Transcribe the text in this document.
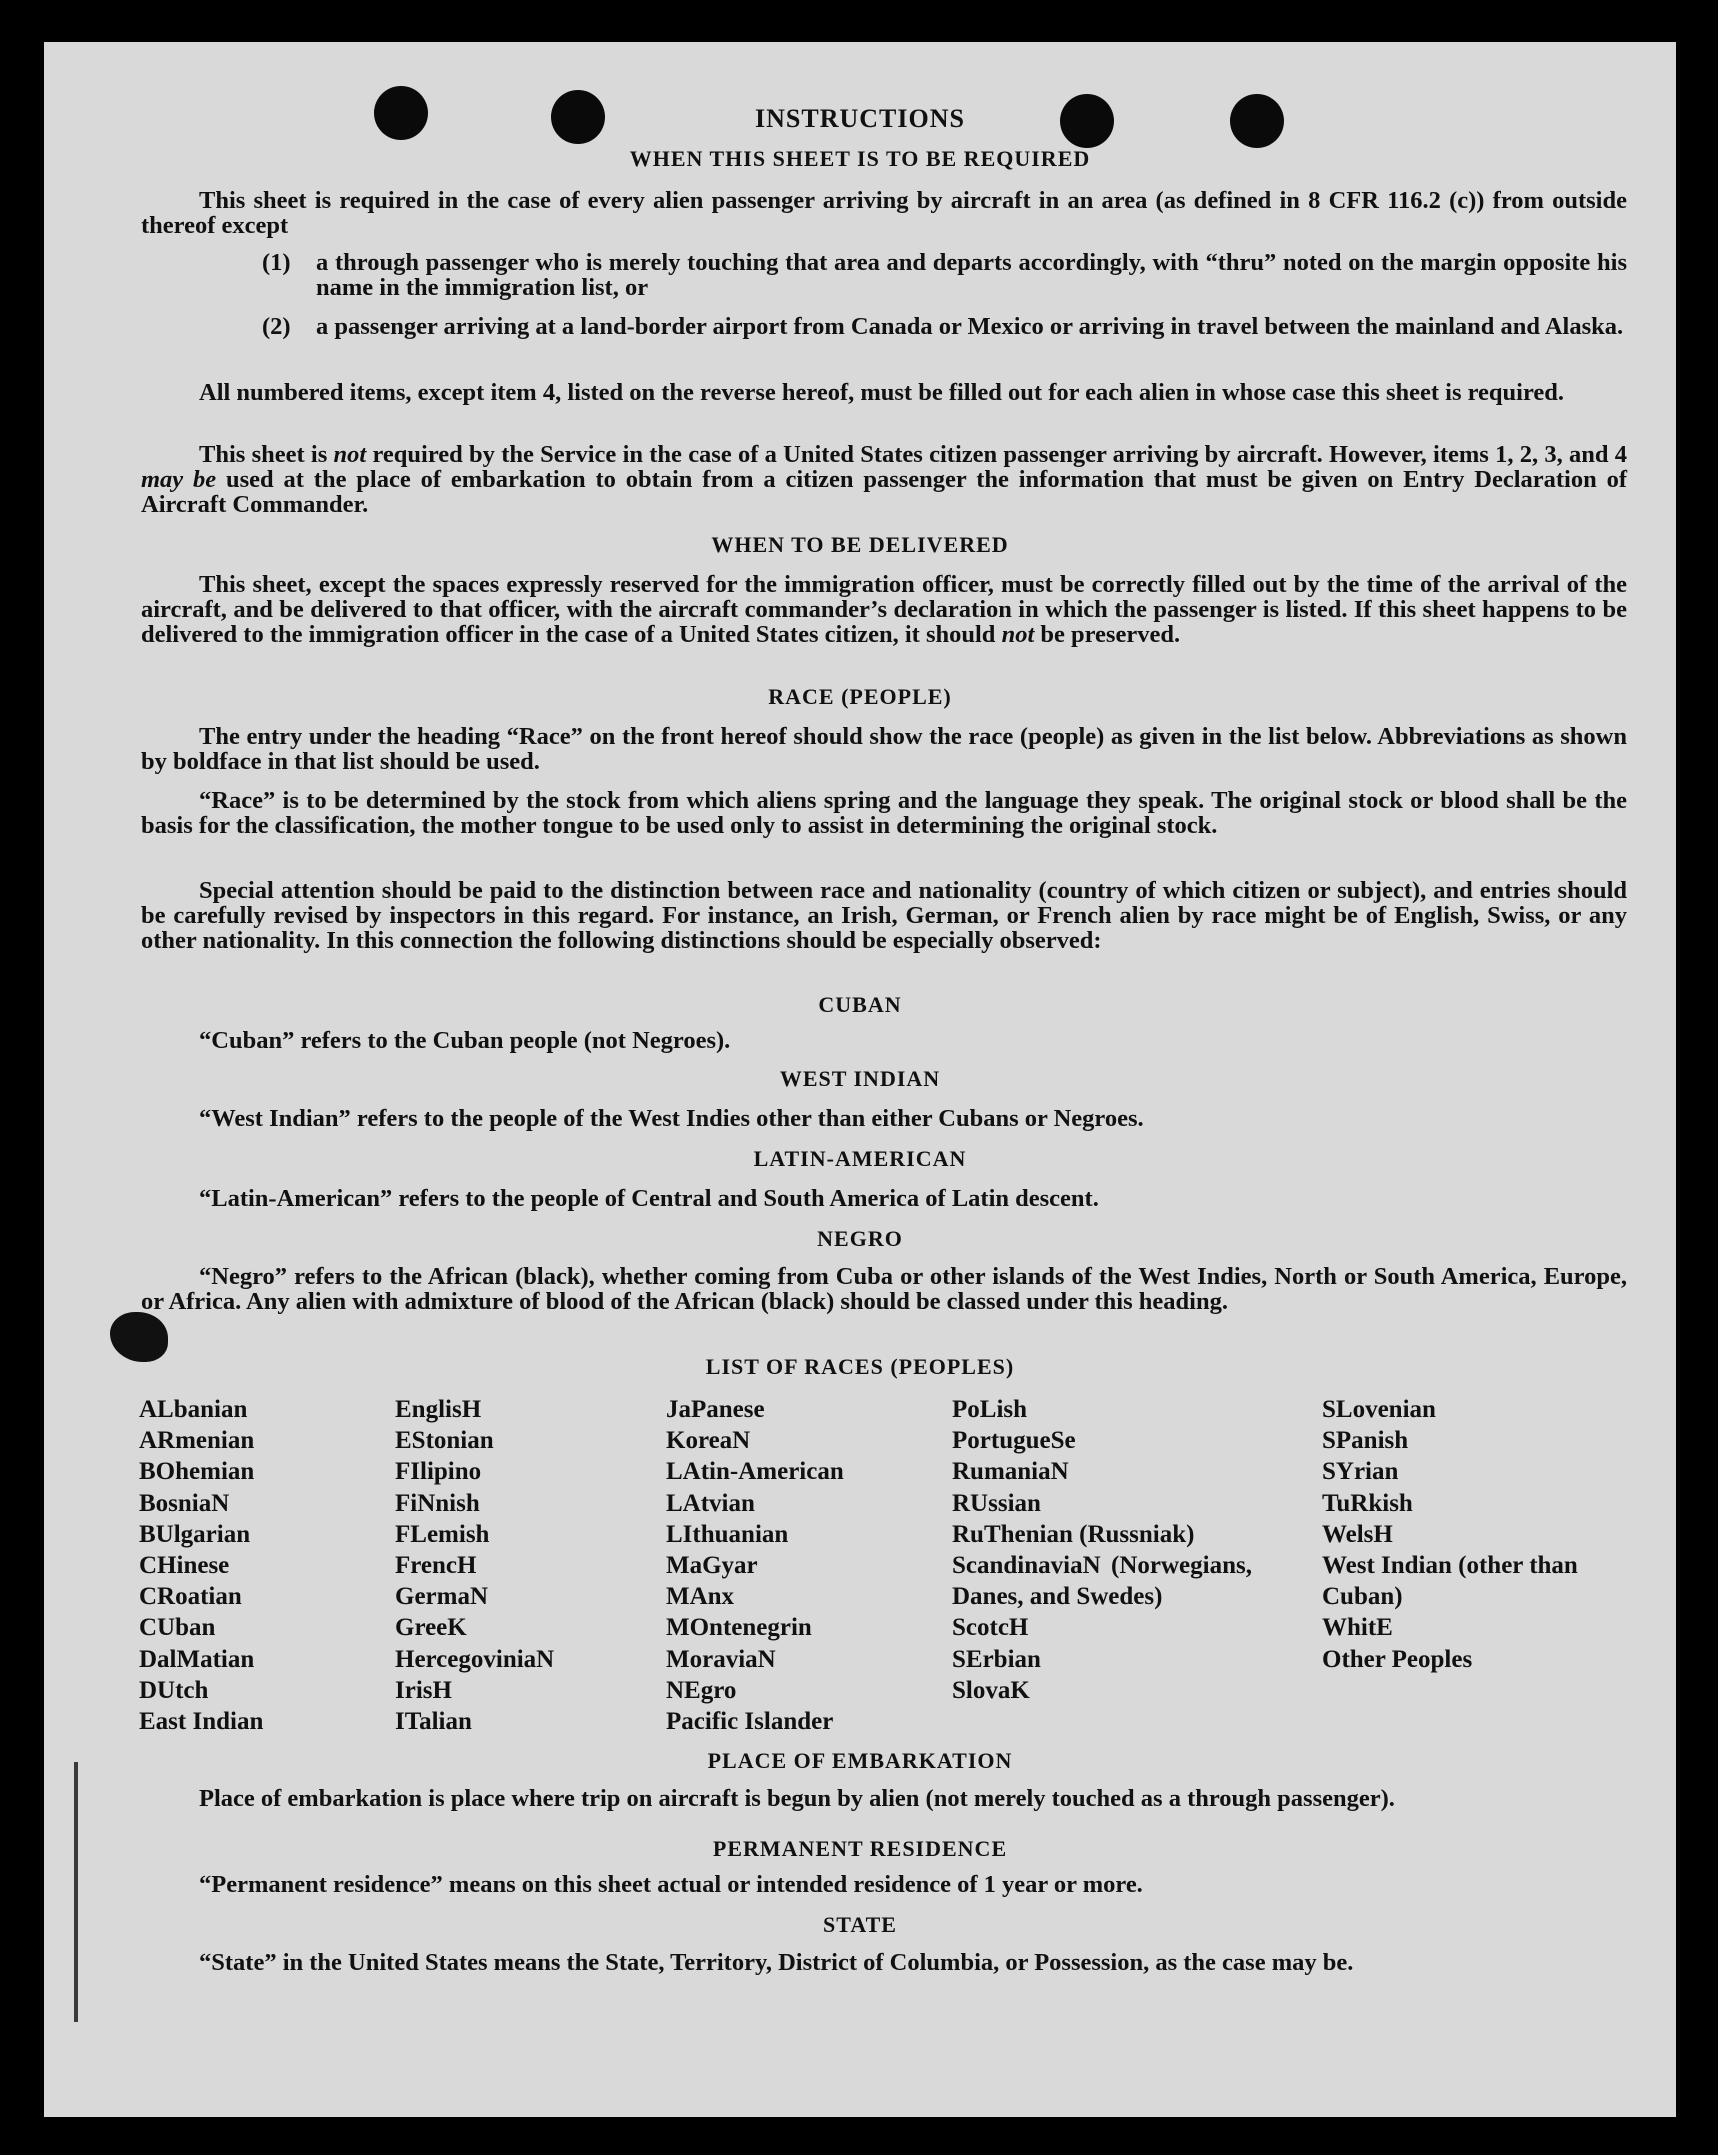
INSTRUCTIONS
WHEN THIS SHEET IS TO BE REQUIRED
This sheet is required in the case of every alien passenger arriving by aircraft in an area (as defined in 8 CFR 116.2 (c)) from outside thereof except
(1) a through passenger who is merely touching that area and departs accordingly, with “thru” noted on the margin opposite his name in the immigration list, or
(2) a passenger arriving at a land-border airport from Canada or Mexico or arriving in travel between the mainland and Alaska.
All numbered items, except item 4, listed on the reverse hereof, must be filled out for each alien in whose case this sheet is required.
This sheet is not required by the Service in the case of a United States citizen passenger arriving by aircraft. However, items 1, 2, 3, and 4 may be used at the place of embarkation to obtain from a citizen passenger the information that must be given on Entry Declaration of Aircraft Commander.
WHEN TO BE DELIVERED
This sheet, except the spaces expressly reserved for the immigration officer, must be correctly filled out by the time of the arrival of the aircraft, and be delivered to that officer, with the aircraft commander’s declaration in which the passenger is listed. If this sheet happens to be delivered to the immigration officer in the case of a United States citizen, it should not be preserved.
RACE (PEOPLE)
The entry under the heading “Race” on the front hereof should show the race (people) as given in the list below. Abbreviations as shown by boldface in that list should be used.
“Race” is to be determined by the stock from which aliens spring and the language they speak. The original stock or blood shall be the basis for the classification, the mother tongue to be used only to assist in determining the original stock.
Special attention should be paid to the distinction between race and nationality (country of which citizen or subject), and entries should be carefully revised by inspectors in this regard. For instance, an Irish, German, or French alien by race might be of English, Swiss, or any other nationality. In this connection the following distinctions should be especially observed:
CUBAN
“Cuban” refers to the Cuban people (not Negroes).
WEST INDIAN
“West Indian” refers to the people of the West Indies other than either Cubans or Negroes.
LATIN-AMERICAN
“Latin-American” refers to the people of Central and South America of Latin descent.
NEGRO
“Negro” refers to the African (black), whether coming from Cuba or other islands of the West Indies, North or South America, Europe, or Africa. Any alien with admixture of blood of the African (black) should be classed under this heading.
LIST OF RACES (PEOPLES)
ALbanian
ARmenian
BOhemian
BosniaN
BUlgarian
CHinese
CRoatian
CUban
DalMatian
DUtch
East Indian
EnglisH
EStonian
FIlipino
FiNnish
FLemish
FrencH
GermaN
GreeK
HercegoviniaN
IrisH
ITalian
JaPanese
KoreaN
LAtin-American
LAtvian
LIthuanian
MaGyar
MAnx
MOntenegrin
MoraviaN
NEgro
Pacific Islander
PoLish
PortugueSe
RumaniaN
RUssian
RuThenian (Russniak)
ScandinaviaN (Norwegians, Danes, and Swedes)
ScotcH
SErbian
SlovaK
SLovenian
SPanish
SYrian
TuRkish
WelsH
West Indian (other than Cuban)
WhitE
Other Peoples
PLACE OF EMBARKATION
Place of embarkation is place where trip on aircraft is begun by alien (not merely touched as a through passenger).
PERMANENT RESIDENCE
“Permanent residence” means on this sheet actual or intended residence of 1 year or more.
STATE
“State” in the United States means the State, Territory, District of Columbia, or Possession, as the case may be.
